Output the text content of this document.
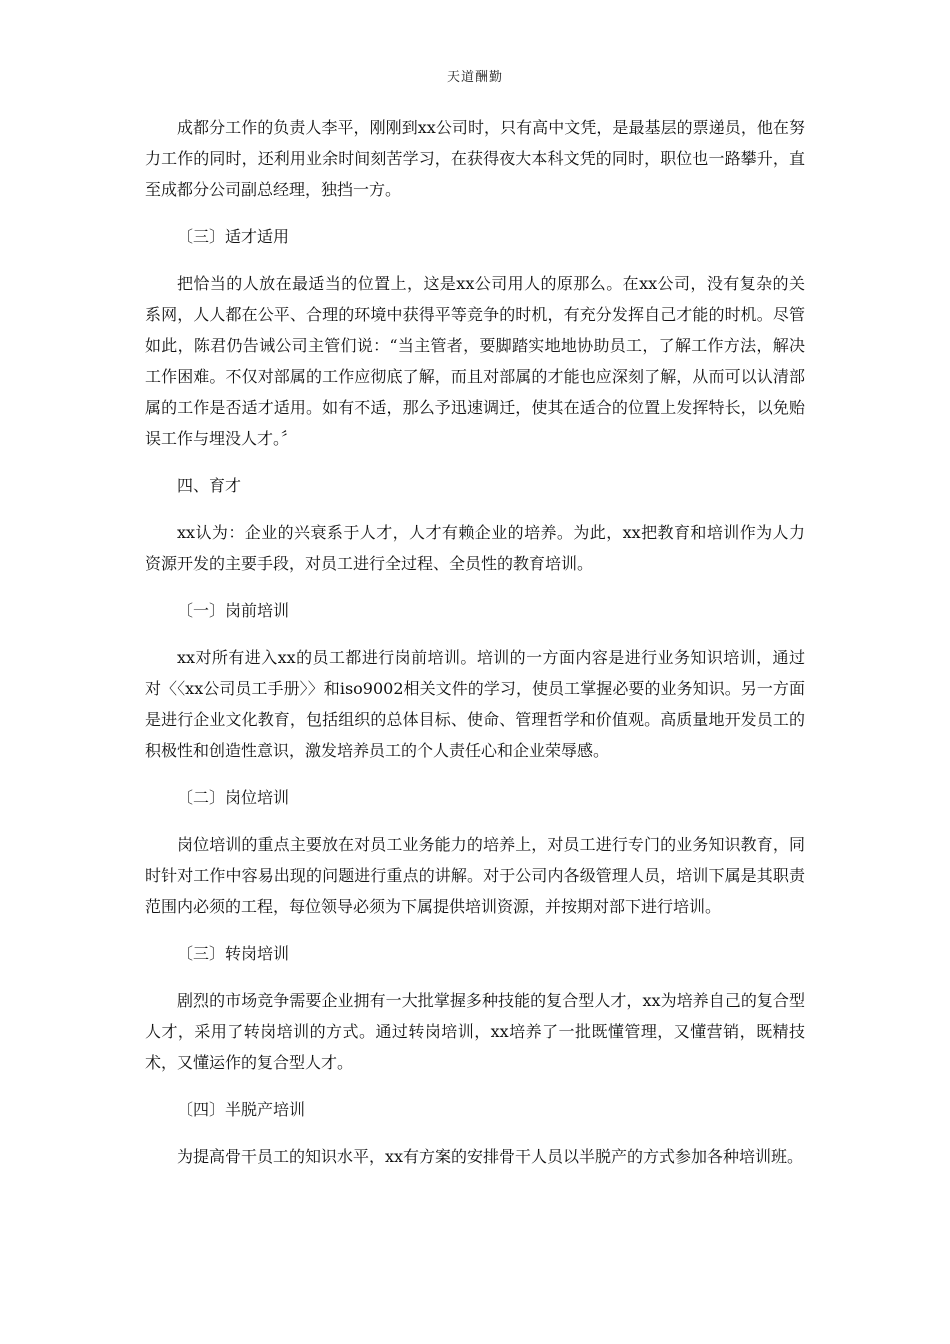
天道酬勤

成都分工作的负责人李平，刚刚到xx公司时，只有高中文凭，是最基层的票递员，他在努力工作的同时，还利用业余时间刻苦学习，在获得夜大本科文凭的同时，职位也一路攀升，直至成都分公司副总经理，独挡一方。

〔三〕适才适用

把恰当的人放在最适当的位置上，这是xx公司用人的原那么。在xx公司，没有复杂的关系网，人人都在公平、合理的环境中获得平等竞争的时机，有充分发挥自己才能的时机。尽管如此，陈君仍告诫公司主管们说：“当主管者，要脚踏实地地协助员工，了解工作方法，解决工作困难。不仅对部属的工作应彻底了解，而且对部属的才能也应深刻了解，从而可以认清部属的工作是否适才适用。如有不适，那么予迅速调迁，使其在适合的位置上发挥特长，以免贻误工作与埋没人才。〞

四、育才

xx认为：企业的兴衰系于人才，人才有赖企业的培养。为此，xx把教育和培训作为人力资源开发的主要手段，对员工进行全过程、全员性的教育培训。

〔一〕岗前培训

xx对所有进入xx的员工都进行岗前培训。培训的一方面内容是进行业务知识培训，通过对〈〈xx公司员工手册〉〉和iso9002相关文件的学习，使员工掌握必要的业务知识。另一方面是进行企业文化教育，包括组织的总体目标、使命、管理哲学和价值观。高质量地开发员工的积极性和创造性意识，激发培养员工的个人责任心和企业荣辱感。

〔二〕岗位培训

岗位培训的重点主要放在对员工业务能力的培养上，对员工进行专门的业务知识教育，同时针对工作中容易出现的问题进行重点的讲解。对于公司内各级管理人员，培训下属是其职责范围内必须的工程，每位领导必须为下属提供培训资源，并按期对部下进行培训。

〔三〕转岗培训

剧烈的市场竞争需要企业拥有一大批掌握多种技能的复合型人才，xx为培养自己的复合型人才，采用了转岗培训的方式。通过转岗培训，xx培养了一批既懂管理，又懂营销，既精技术，又懂运作的复合型人才。

〔四〕半脱产培训

为提高骨干员工的知识水平，xx有方案的安排骨干人员以半脱产的方式参加各种培训班。
